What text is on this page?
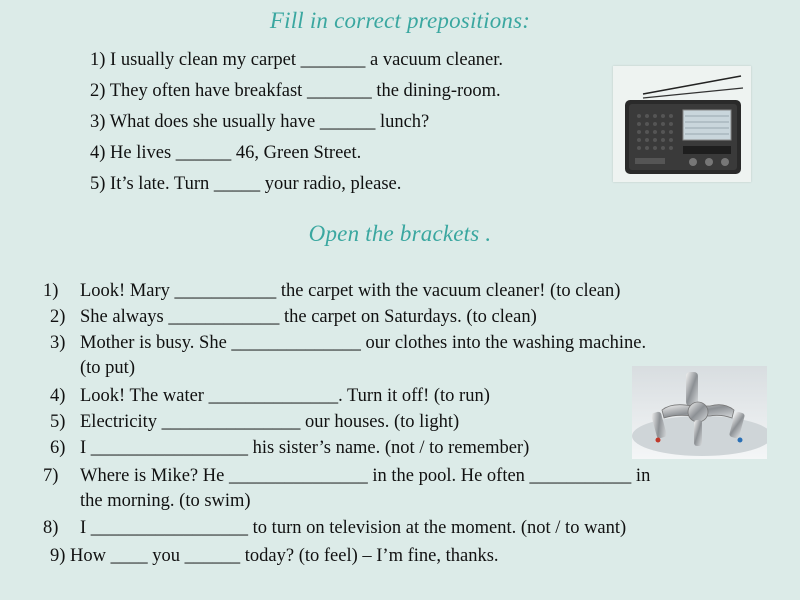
Fill in correct prepositions:
1) I usually clean my carpet _______ a vacuum cleaner.
2) They often have breakfast _______ the dining-room.
3) What does she usually have ______ lunch?
4) He lives ______ 46, Green Street.
5) It’s late. Turn _____ your radio, please.
Open the brackets .
1) Look! Mary ___________ the carpet with the vacuum cleaner! (to clean)
2) She always ____________ the carpet on Saturdays. (to clean)
3) Mother is busy. She ______________ our clothes into the washing machine.
(to put)
4) Look! The water ______________. Turn it off! (to run)
5) Electricity _______________ our houses. (to light)
6) I _________________ his sister’s name. (not / to remember)
7) Where is Mike? He _______________ in the pool. He often ___________ in
the morning. (to swim)
8) I _________________ to turn on television at the moment. (not / to want)
9) How ____ you ______ today? (to feel) – I’m fine, thanks.
